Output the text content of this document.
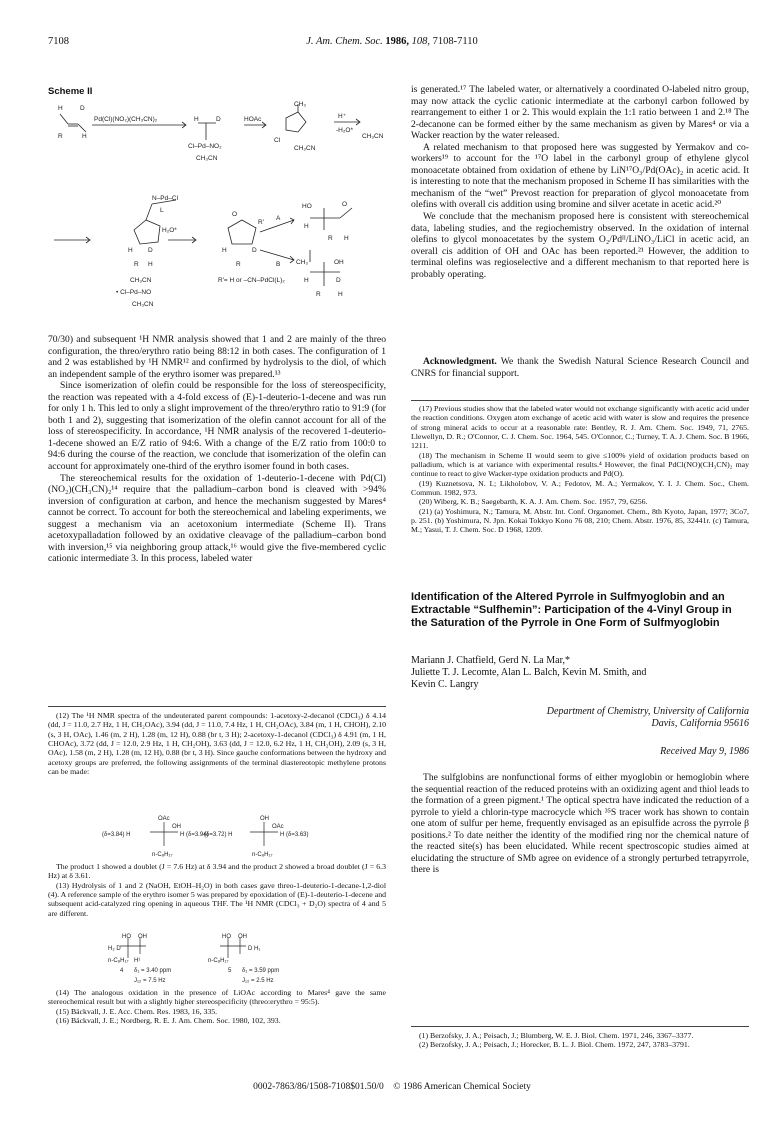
7108	J. Am. Chem. Soc. 1986, 108, 7108-7110
Scheme II
H
R
D
H
Pd(Cl)(NO₂)(CH₃CN)₂	H	D
Cl–Pd–NO₂
CH₃CN
HOAc
CH₃
Cl
CH₃CN
H⁺
-H₂O*
CH₃CN
N–Pd–Cl
L
H₂O*
H D
R H
CH₃CN
• Cl–Pd–NO
CH₃CN
O
R'
H	D
R
R'= H or –CN–PdCl(L)₂
A
B
HO	O
H
R H
CH₃	OH
H	D
R	H

70/30) and subsequent ¹H NMR analysis showed that 1 and 2 are mainly of the threo configuration, the threo/erythro ratio being 88:12 in both cases. The configuration of 1 and 2 was established by ¹H NMR¹² and confirmed by hydrolysis to the diol, of which an independent sample of the erythro isomer was prepared.¹³

Since isomerization of olefin could be responsible for the loss of stereospecificity, the reaction was repeated with a 4-fold excess of (E)-1-deuterio-1-decene and was run for only 1 h. This led to only a slight improvement of the threo/erythro ratio to 91:9 (for both 1 and 2), suggesting that isomerization of the olefin cannot account for all of the loss of stereospecificity. In accordance, ¹H NMR analysis of the recovered 1-deuterio-1-decene showed an E/Z ratio of 94:6. With a change of the E/Z ratio from 100:0 to 94:6 during the course of the reaction, we conclude that isomerization of the olefin can account for approximately one-third of the erythro isomer found in both cases.

The stereochemical results for the oxidation of 1-deuterio-1-decene with Pd(Cl)(NO₂)(CH₃CN)₂¹⁴ require that the palladium–carbon bond is cleaved with >94% inversion of configuration at carbon, and hence the mechanism suggested by Mares⁴ cannot be correct. To account for both the stereochemical and labeling experiments, we suggest a mechanism via an acetoxonium intermediate (Scheme II). Trans acetoxypalladation followed by an oxidative cleavage of the palladium–carbon bond with inversion,¹⁵ via neighboring group attack,¹⁶ would give the five-membered cyclic cationic intermediate 3. In this process, labeled water

(12) The ¹H NMR spectra of the undeuterated parent compounds: 1-acetoxy-2-decanol (CDCl₃) δ 4.14 (dd, J = 11.0, 2.7 Hz, 1 H, CH₂OAc), 3.94 (dd, J = 11.0, 7.4 Hz, 1 H, CH₂OAc), 3.84 (m, 1 H, CHOH), 2.10 (s, 3 H, OAc), 1.46 (m, 2 H), 1.28 (m, 12 H), 0.88 (br t, 3 H); 2-acetoxy-1-decanol (CDCl₃) δ 4.91 (m, 1 H, CHOAc), 3.72 (dd, J = 12.0, 2.9 Hz, 1 H, CH₂OH), 3.63 (dd, J = 12.0, 6.2 Hz, 1 H, CH₂OH), 2.09 (s, 3 H, OAc), 1.58 (m, 2 H), 1.28 (m, 12 H), 0.88 (br t, 3 H). Since gauche conformations between the hydroxy and acetoxy groups are preferred, the following assignments of the terminal diastereotopic methylene protons can be made:

OAc
OH
(δ=3.84) H	H (δ=3.94)
n-C₈H₁₇
OH
OAc
(δ=3.72) H	H (δ=3.63)
n-C₈H₁₇

The product 1 showed a doublet (J = 7.6 Hz) at δ 3.94 and the product 2 showed a broad doublet (J = 6.3 Hz) at δ 3.61.

(13) Hydrolysis of 1 and 2 (NaOH, EtOH–H₂O) in both cases gave threo-1-deuterio-1-decane-1,2-diol (4). A reference sample of the erythro isomer 5 was prepared by epoxidation of (E)-1-deuterio-1-decene and subsequent acid-catalyzed ring opening in aqueous THF. The ¹H NMR (CDCl₃ + D₂O) spectra of 4 and 5 are different.

HO OH
H₂ D
n-C₈H₁₇ H¹
HO OH
D H₁
n-C₈H₁₇
4 δ₁ = 3.40 ppm
J₁₂ = 7.5 Hz
5 δ₁ = 3.59 ppm
J₁₂ = 2.5 Hz

(14) The analogous oxidation in the presence of LiOAc according to Mares⁴ gave the same stereochemical result but with a slightly higher stereospecificity (threo:erythro = 95:5).

(15) Bäckvall, J. E. Acc. Chem. Res. 1983, 16, 335.

(16) Bäckvall, J. E.; Nordberg, R. E. J. Am. Chem. Soc. 1980, 102, 393.

is generated.¹⁷ The labeled water, or alternatively a coordinated O-labeled nitro group, may now attack the cyclic cationic intermediate at the carbonyl carbon followed by rearrangement to either 1 or 2. This would explain the 1:1 ratio between 1 and 2.¹⁸ The 2-decanone can be formed either by the same mechanism as given by Mares⁴ or via a Wacker reaction by the water released.

A related mechanism to that proposed here was suggested by Yermakov and co-workers¹⁹ to account for the ¹⁷O label in the carbonyl group of ethylene glycol monoacetate obtained from oxidation of ethene by LiN¹⁷O₃/Pd(OAc)₂ in acetic acid. It is interesting to note that the mechanism proposed in Scheme II has similarities with the mechanism of the “wet” Prevost reaction for preparation of glycol monoacetate from olefins with overall cis addition using bromine and silver acetate in acetic acid.²⁰

We conclude that the mechanism proposed here is consistent with stereochemical data, labeling studies, and the regiochemistry observed. In the oxidation of internal olefins to glycol monoacetates by the system O₂/Pdᴵᴵ/LiNO₃/LiCl in acetic acid, an overall cis addition of OH and OAc has been reported.²¹ However, the addition to terminal olefins was regioselective and a different mechanism to that reported here is probably operating.

Acknowledgment. We thank the Swedish Natural Science Research Council and CNRS for financial support.

(17) Previous studies show that the labeled water would not exchange significantly with acetic acid under the reaction conditions. Oxygen atom exchange of acetic acid with water is slow and requires the presence of strong mineral acids to occur at a reasonable rate: Bentley, R. J. Am. Chem. Soc. 1949, 71, 2765. Llewellyn, D. R.; O'Connor, C. J. Chem. Soc. 1964, 545. O'Connor, C.; Turney, T. A. J. Chem. Soc. B 1966, 1211.

(18) The mechanism in Scheme II would seem to give ≤100% yield of oxidation products based on palladium, which is at variance with experimental results.⁴ However, the final PdCl(NO)(CH₃CN)₂ may continue to react to give Wacker-type oxidation products and Pd(O).

(19) Kuznetsova, N. I.; Likholobov, V. A.; Fedotov, M. A.; Yermakov, Y. I. J. Chem. Soc., Chem. Commun. 1982, 973.

(20) Wiberg, K. B.; Saegebarth, K. A. J. Am. Chem. Soc. 1957, 79, 6256.

(21) (a) Yoshimura, N.; Tamura, M. Abstr. Int. Conf. Organomet. Chem., 8th Kyoto, Japan, 1977; 3Co7, p. 251. (b) Yoshimura, N. Jpn. Kokai Tokkyo Kono 76 08, 210; Chem. Abstr. 1976, 85, 32441r. (c) Tamura, M.; Yasui, T. J. Chem. Soc. D 1968, 1209.

Identification of the Altered Pyrrole in Sulfmyoglobin and an Extractable “Sulfhemin”: Participation of the 4-Vinyl Group in the Saturation of the Pyrrole in One Form of Sulfmyoglobin
Mariann J. Chatfield, Gerd N. La Mar,*
Juliette T. J. Lecomte, Alan L. Balch, Kevin M. Smith, and
Kevin C. Langry
Department of Chemistry, University of California
Davis, California 95616
Received May 9, 1986

The sulfglobins are nonfunctional forms of either myoglobin or hemoglobin where the sequential reaction of the reduced proteins with an oxidizing agent and thiol leads to the formation of a green pigment.¹ The optical spectra have indicated the reduction of a pyrrole to yield a chlorin-type macrocycle which ³⁵S tracer work has shown to contain one atom of sulfur per heme, frequently envisaged as an episulfide across the pyrrole β positions.² To date neither the identity of the modified ring nor the chemical nature of the reacted site(s) has been elucidated. While recent spectroscopic studies aimed at elucidating the structure of SMb agree on evidence of a strongly perturbed tetrapyrrole, there is

(1) Berzofsky, J. A.; Peisach, J.; Blumberg, W. E. J. Biol. Chem. 1971, 246, 3367–3377.

(2) Berzofsky, J. A.; Peisach, J.; Horecker, B. L. J. Biol. Chem. 1972, 247, 3783–3791.

0002-7863/86/1508-7108$01.50/0 © 1986 American Chemical Society
